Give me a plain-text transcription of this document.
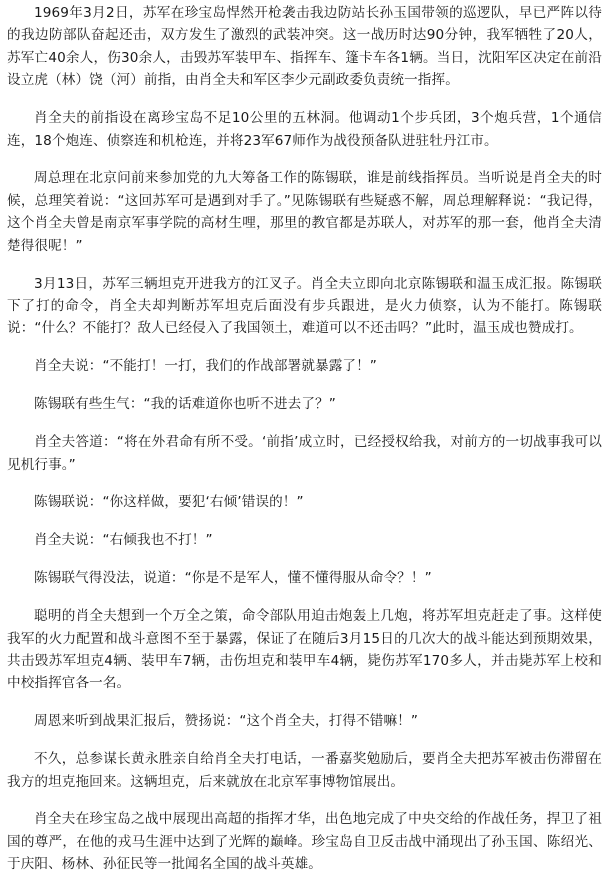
1969年3月2日，苏军在珍宝岛悍然开枪袭击我边防站长孙玉国带领的巡逻队，早已严阵以待的我边防部队奋起还击，双方发生了激烈的武装冲突。这一战历时达90分钟，我军牺牲了20人，苏军亡40余人，伤30余人，击毁苏军装甲车、指挥车、篷卡车各1辆。当日，沈阳军区决定在前沿设立虎（林）饶（河）前指，由肖全夫和军区李少元副政委负责统一指挥。

肖全夫的前指设在离珍宝岛不足10公里的五林洞。他调动1个步兵团，3个炮兵营，1个通信连，18个炮连、侦察连和机枪连，并将23军67师作为战役预备队进驻牡丹江市。

周总理在北京问前来参加党的九大筹备工作的陈锡联，谁是前线指挥员。当听说是肖全夫的时候，总理笑着说：“这回苏军可是遇到对手了。”见陈锡联有些疑惑不解，周总理解释说：“我记得，这个肖全夫曾是南京军事学院的高材生哩，那里的教官都是苏联人，对苏军的那一套，他肖全夫清楚得很呢！”

3月13日，苏军三辆坦克开进我方的江叉子。肖全夫立即向北京陈锡联和温玉成汇报。陈锡联下了打的命令，肖全夫却判断苏军坦克后面没有步兵跟进，是火力侦察，认为不能打。陈锡联说：“什么？不能打？敌人已经侵入了我国领土，难道可以不还击吗？”此时，温玉成也赞成打。

肖全夫说：“不能打！一打，我们的作战部署就暴露了！”

陈锡联有些生气：“我的话难道你也听不进去了？”

肖全夫答道：“将在外君命有所不受。‘前指’成立时，已经授权给我，对前方的一切战事我可以见机行事。”

陈锡联说：“你这样做，要犯‘右倾’错误的！”

肖全夫说：“右倾我也不打！”

陈锡联气得没法，说道：“你是不是军人，懂不懂得服从命令？！”

聪明的肖全夫想到一个万全之策，命令部队用迫击炮轰上几炮，将苏军坦克赶走了事。这样使我军的火力配置和战斗意图不至于暴露，保证了在随后3月15日的几次大的战斗能达到预期效果，共击毁苏军坦克4辆、装甲车7辆，击伤坦克和装甲车4辆，毙伤苏军170多人，并击毙苏军上校和中校指挥官各一名。

周恩来听到战果汇报后，赞扬说：“这个肖全夫，打得不错嘛！”

不久，总参谋长黄永胜亲自给肖全夫打电话，一番嘉奖勉励后，要肖全夫把苏军被击伤滞留在我方的坦克拖回来。这辆坦克，后来就放在北京军事博物馆展出。

肖全夫在珍宝岛之战中展现出高超的指挥才华，出色地完成了中央交给的作战任务，捍卫了祖国的尊严，在他的戎马生涯中达到了光辉的巅峰。珍宝岛自卫反击战中涌现出了孙玉国、陈绍光、于庆阳、杨林、孙征民等一批闻名全国的战斗英雄。
